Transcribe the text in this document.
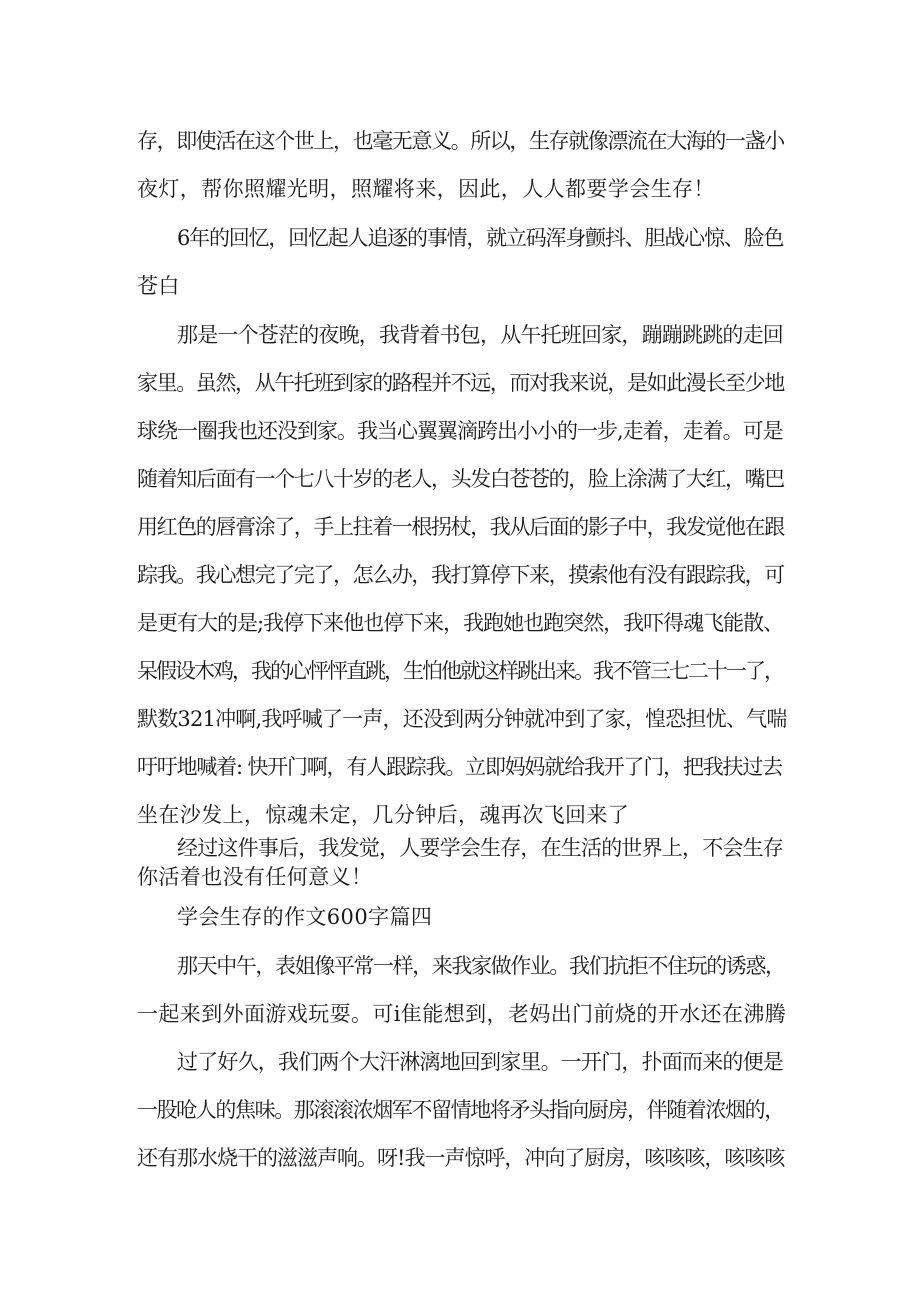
存，即使活在这个世上，也毫无意义。所以，生存就像漂流在大海的一盏小
夜灯，帮你照耀光明，照耀将来，因此，人人都要学会生存！
6年的回忆，回忆起人追逐的事情，就立码浑身颤抖、胆战心惊、脸色
苍白
那是一个苍茫的夜晚，我背着书包，从午托班回家，蹦蹦跳跳的走回
家里。虽然，从午托班到家的路程并不远，而对我来说，是如此漫长至少地
球绕一圈我也还没到家。我当心翼翼滴跨出小小的一步,走着，走着。可是
随着知后面有一个七八十岁的老人，头发白苍苍的，脸上涂满了大红，嘴巴
用红色的唇膏涂了，手上拄着一根拐杖，我从后面的影子中，我发觉他在跟
踪我。我心想完了完了，怎么办，我打算停下来，摸索他有没有跟踪我，可
是更有大的是;我停下来他也停下来，我跑她也跑突然，我吓得魂飞能散、
呆假设木鸡，我的心怦怦直跳，生怕他就这样跳出来。我不管三七二十一了，
默数321冲啊,我呼喊了一声，还没到两分钟就冲到了家，惶恐担忧、气喘
吁吁地喊着: 快开门啊，有人跟踪我。立即妈妈就给我开了门，把我扶过去
坐在沙发上，惊魂未定，几分钟后，魂再次飞回来了
经过这件事后，我发觉，人要学会生存，在生活的世界上，不会生存
你活着也没有任何意义！
学会生存的作文600字篇四
那天中午，表姐像平常一样，来我家做作业。我们抗拒不住玩的诱惑，
一起来到外面游戏玩耍。可i隹能想到，老妈出门前烧的开水还在沸腾
过了好久，我们两个大汗淋漓地回到家里。一开门，扑面而来的便是
一股呛人的焦味。那滚滚浓烟军不留情地将矛头指向厨房，伴随着浓烟的，
还有那水烧干的滋滋声响。呀!我一声惊呼，冲向了厨房，咳咳咳，咳咳咳
